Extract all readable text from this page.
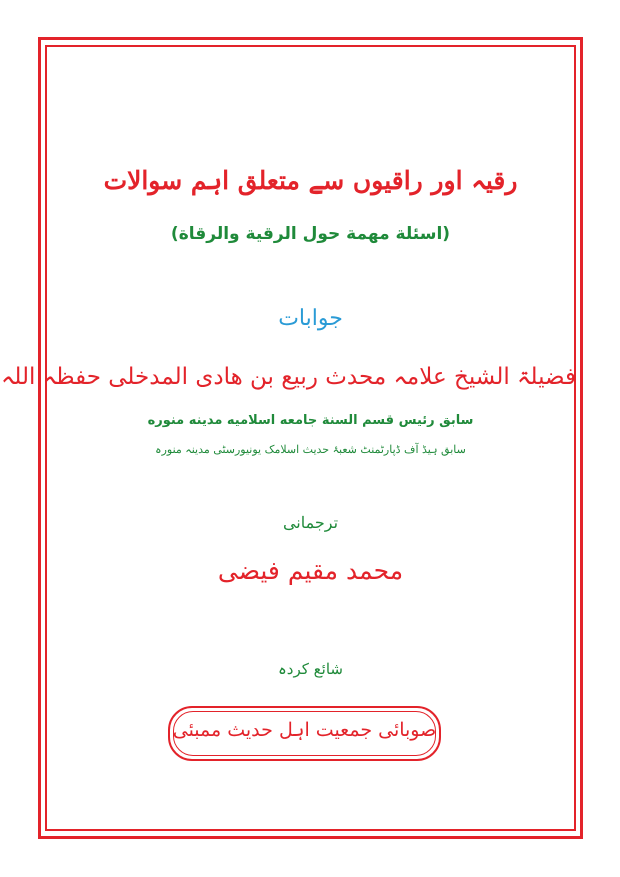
رقیہ اور راقیوں سے متعلق اہم سوالات

(اسئلة مهمة حول الرقية والرقاة)

جوابات

فضیلۃ الشیخ علامہ محدث ربیع بن ھادی المدخلی حفظہ اللہ

سابق رئيس قسم السنة جامعه اسلاميه مدينه منوره

سابق ہیڈ آف ڈپارٹمنٹ شعبۂ حدیث اسلامک یونیورسٹی مدینہ منورہ

ترجمانی

محمد مقیم فیضی

شائع کردہ

صوبائی جمعیت اہل حدیث ممبئی
